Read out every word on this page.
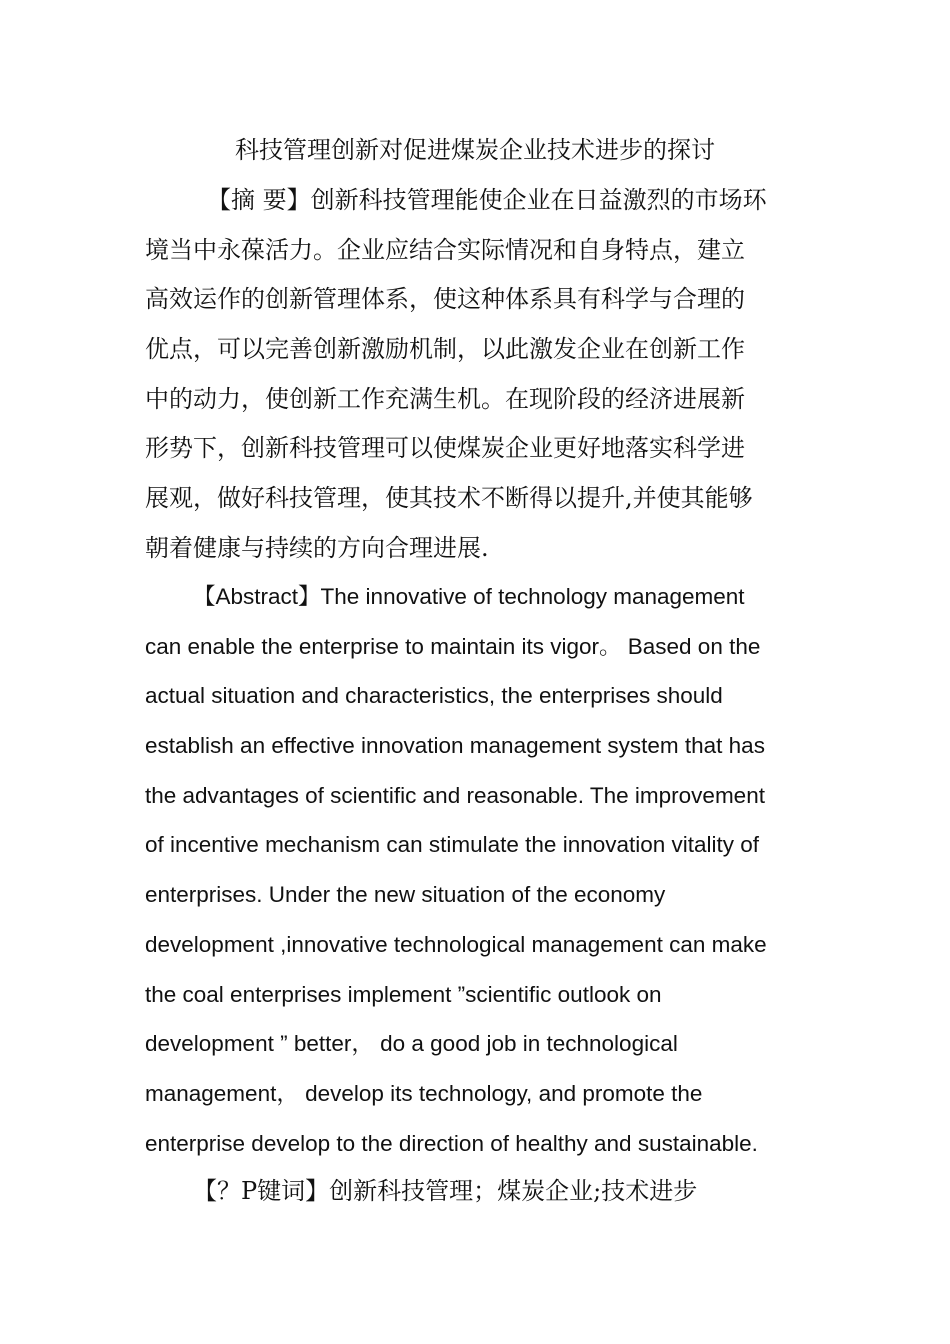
科技管理创新对促进煤炭企业技术进步的探讨
【摘 要】创新科技管理能使企业在日益激烈的市场环
境当中永葆活力。企业应结合实际情况和自身特点，建立
高效运作的创新管理体系，使这种体系具有科学与合理的
优点，可以完善创新激励机制，以此激发企业在创新工作
中的动力，使创新工作充满生机。在现阶段的经济进展新
形势下，创新科技管理可以使煤炭企业更好地落实科学进
展观，做好科技管理，使其技术不断得以提升,并使其能够
朝着健康与持续的方向合理进展.
【Abstract】The innovative of technology management
can enable the enterprise to maintain its vigor。 Based on the
actual situation and characteristics, the enterprises should
establish an effective innovation management system that has
the advantages of scientific and reasonable. The improvement
of incentive mechanism can stimulate the innovation vitality of
enterprises. Under the new situation of the economy
development ,innovative technological management can make
the coal enterprises implement ”scientific outlook on
development ” better， do a good job in technological
management， develop its technology, and promote the
enterprise develop to the direction of healthy and sustainable.
【？P键词】创新科技管理；煤炭企业;技术进步
